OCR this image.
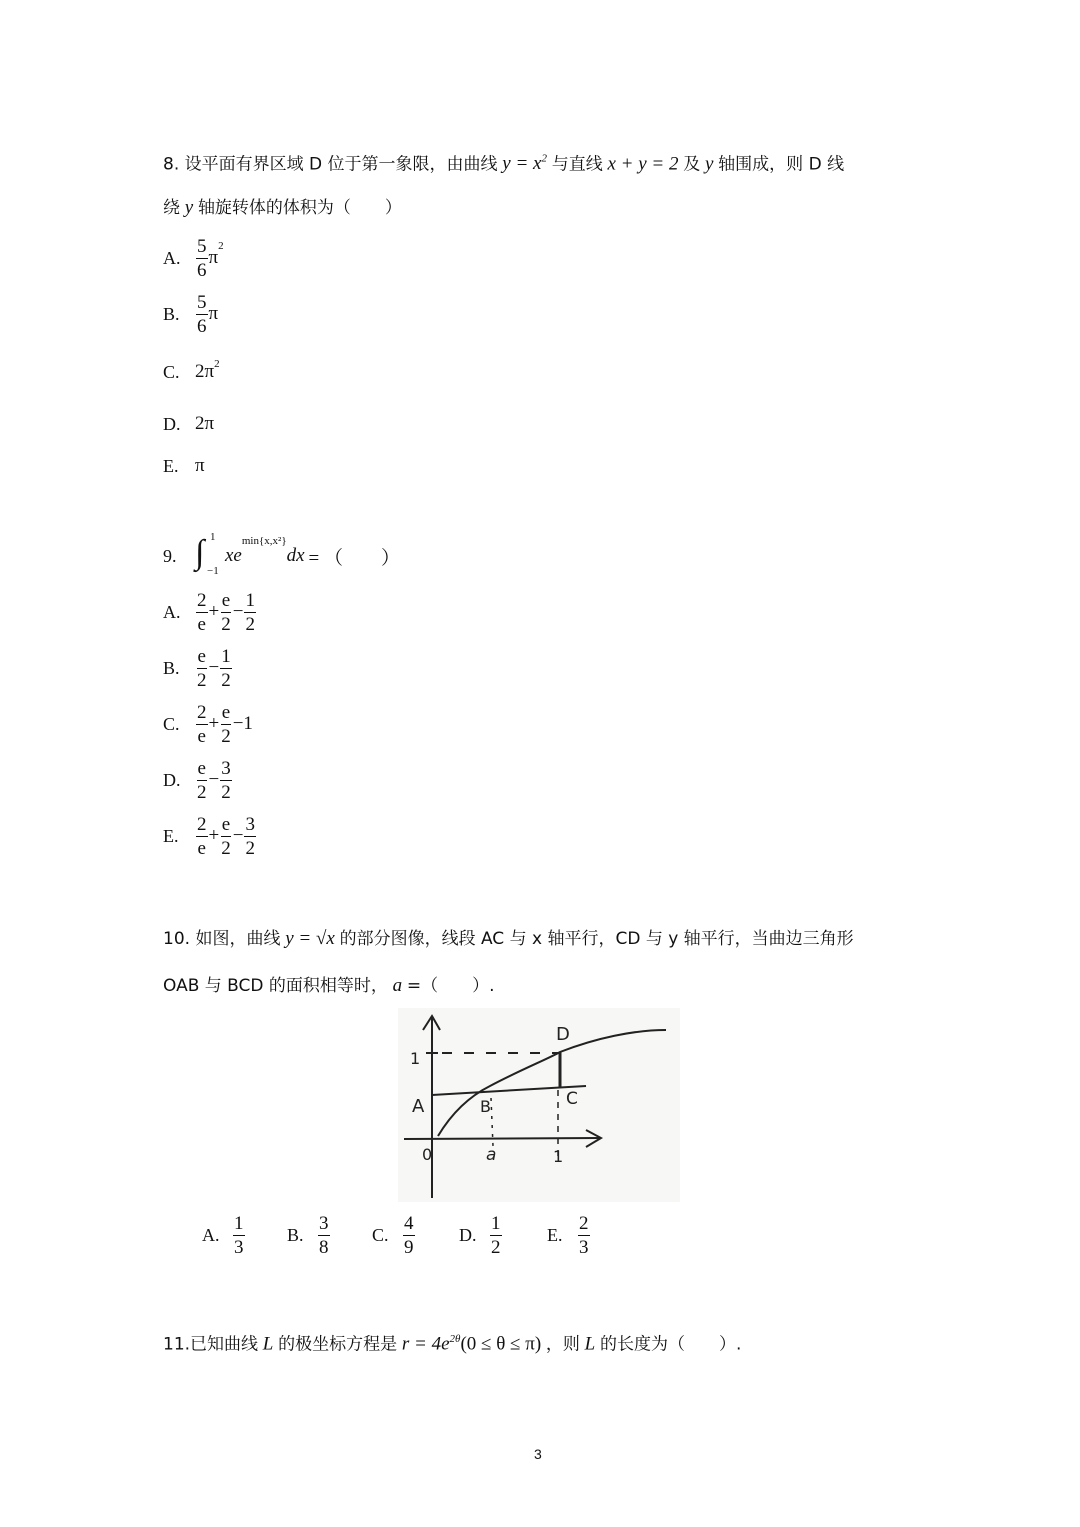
8. 设平面有界区域 D 位于第一象限，由曲线 $y = x^2$ 与直线 x + y = 2 及 y 轴围成，则 D 线
绕 y 轴旋转体的体积为（　　）
A. $\frac{5}{6}$ π
$^2$
B. $\frac{5}{6}$ π
C. $2\pi^2$
D. 2π
E. π
9. ∫ 1
−1
xe
min{x,x²}
dx = （　　）
A. $\frac{2}{e} + \frac{e}{2} - \frac{1}{2}$
B. $\frac{e}{2} - \frac{1}{2}$
C. $\frac{2}{e} + \frac{e}{2} -1$
D. $\frac{e}{2} - \frac{3}{2}$
E. $\frac{2}{e} + \frac{e}{2} - \frac{3}{2}$
10. 如图，曲线 y = √x 的部分图像，线段 AC 与 x 轴平行，CD 与 y 轴平行，当曲边三角形
OAB 与 BCD 的面积相等时， a =（　　）.
D
1
A	B	C
0	a	1
A. $\frac{1}{3} B$. $\frac{3}{8} C$. $\frac{4}{9} D$. $\frac{1}{2}$	E. $\frac{2}{3}$
11.已知曲线 L 的极坐标方程是 $r = 4e^{2\theta}(0 \le \theta \le \pi)$ ，则 L 的长度为（　　）.
3
